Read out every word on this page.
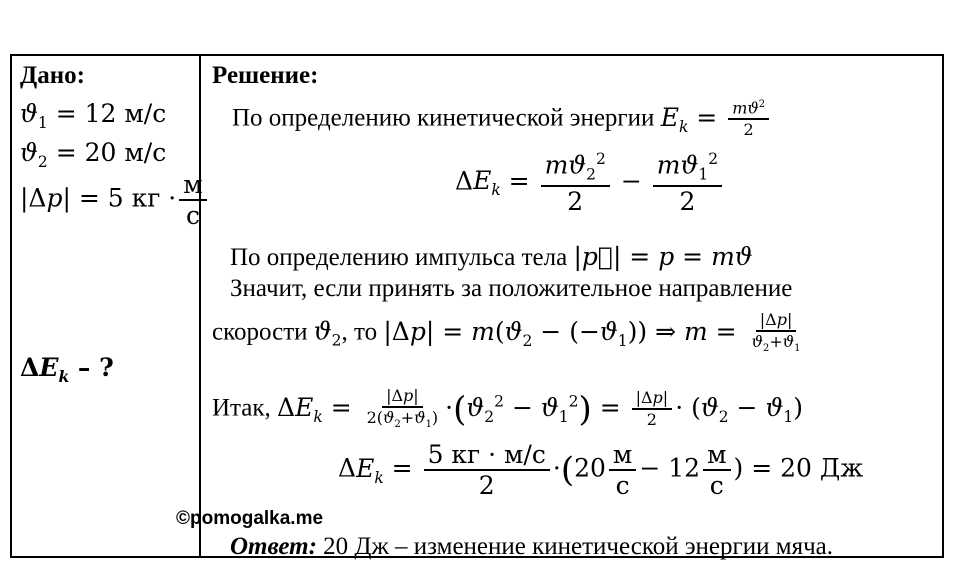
Дано:
$ϑ_1 = 12$ м/с
$ϑ_2 = 20$ м/с
|Δp| = 5 кг · $\frac{м}{с}$
$\Delta E_k$ – ?
Решение:
По определению кинетической энергии $E_k = \frac{mϑ^2}{2}$
$\Delta E_k = \frac{mϑ_2^2}{2} - \frac{mϑ_1^2}{2}$
По определению импульса тела |p⃗| = p = mϑ
Значит, если принять за положительное направление
скорости $ϑ_2$, то $|\Delta p| = m(ϑ_2 - (-ϑ_1))$ ⇒ $m = \frac{|\Delta p|}{ϑ_2+ϑ_1}$
Итак, $\Delta E_k = \frac{|\Delta p|}{2(ϑ_2+ϑ_1)} \cdot(ϑ_2^2 - ϑ_1^2) = \frac{|\Delta p|}{2} \cdot (ϑ_2 - ϑ_1)$
$\Delta E_k = \frac{5 кг \cdot м/с}{2} \cdot(20 \frac{м}{с} - 12 \frac{м}{с}$ ) = 20 Дж
©pomogalka.me
Ответ: 20 Дж – изменение кинетической энергии мяча.
